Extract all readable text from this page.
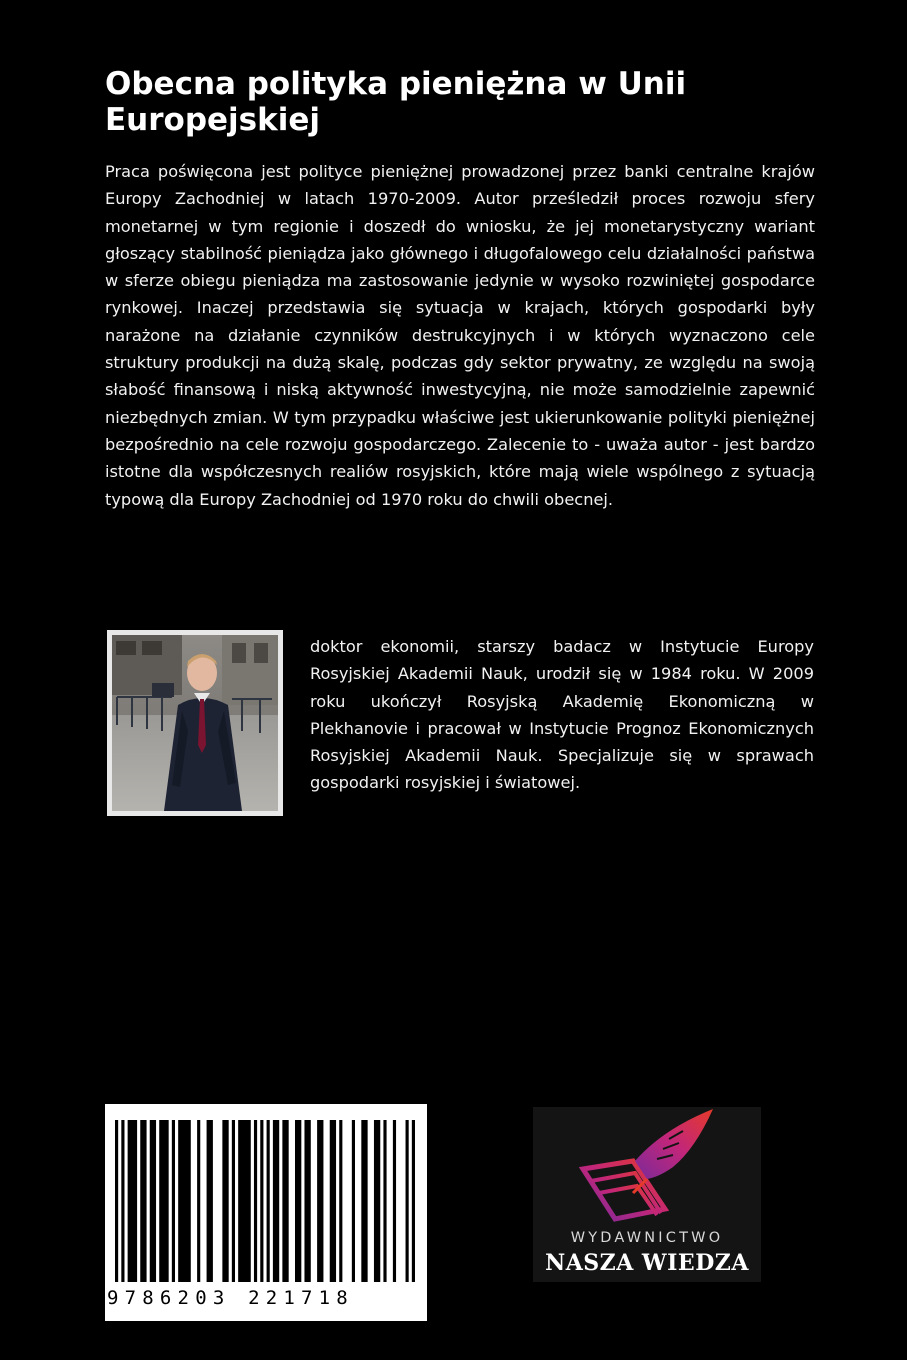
Obecna polityka pieniężna w Unii Europejskiej

Praca poświęcona jest polityce pieniężnej prowadzonej przez banki centralne krajów Europy Zachodniej w latach 1970-2009. Autor prześledził proces rozwoju sfery monetarnej w tym regionie i doszedł do wniosku, że jej monetarystyczny wariant głoszący stabilność pieniądza jako głównego i długofalowego celu działalności państwa w sferze obiegu pieniądza ma zastosowanie jedynie w wysoko rozwiniętej gospodarce rynkowej. Inaczej przedstawia się sytuacja w krajach, których gospodarki były narażone na działanie czynników destrukcyjnych i w których wyznaczono cele struktury produkcji na dużą skalę, podczas gdy sektor prywatny, ze względu na swoją słabość finansową i niską aktywność inwestycyjną, nie może samodzielnie zapewnić niezbędnych zmian. W tym przypadku właściwe jest ukierunkowanie polityki pieniężnej bezpośrednio na cele rozwoju gospodarczego. Zalecenie to - uważa autor - jest bardzo istotne dla współczesnych realiów rosyjskich, które mają wiele wspólnego z sytuacją typową dla Europy Zachodniej od 1970 roku do chwili obecnej.

doktor ekonomii, starszy badacz w Instytucie Europy Rosyjskiej Akademii Nauk, urodził się w 1984 roku. W 2009 roku ukończył Rosyjską Akademię Ekonomiczną w Plekhanovie i pracował w Instytucie Prognoz Ekonomicznych Rosyjskiej Akademii Nauk. Specjalizuje się w sprawach gospodarki rosyjskiej i światowej.

9786203 221718
WYDAWNICTWO
NASZA WIEDZA
